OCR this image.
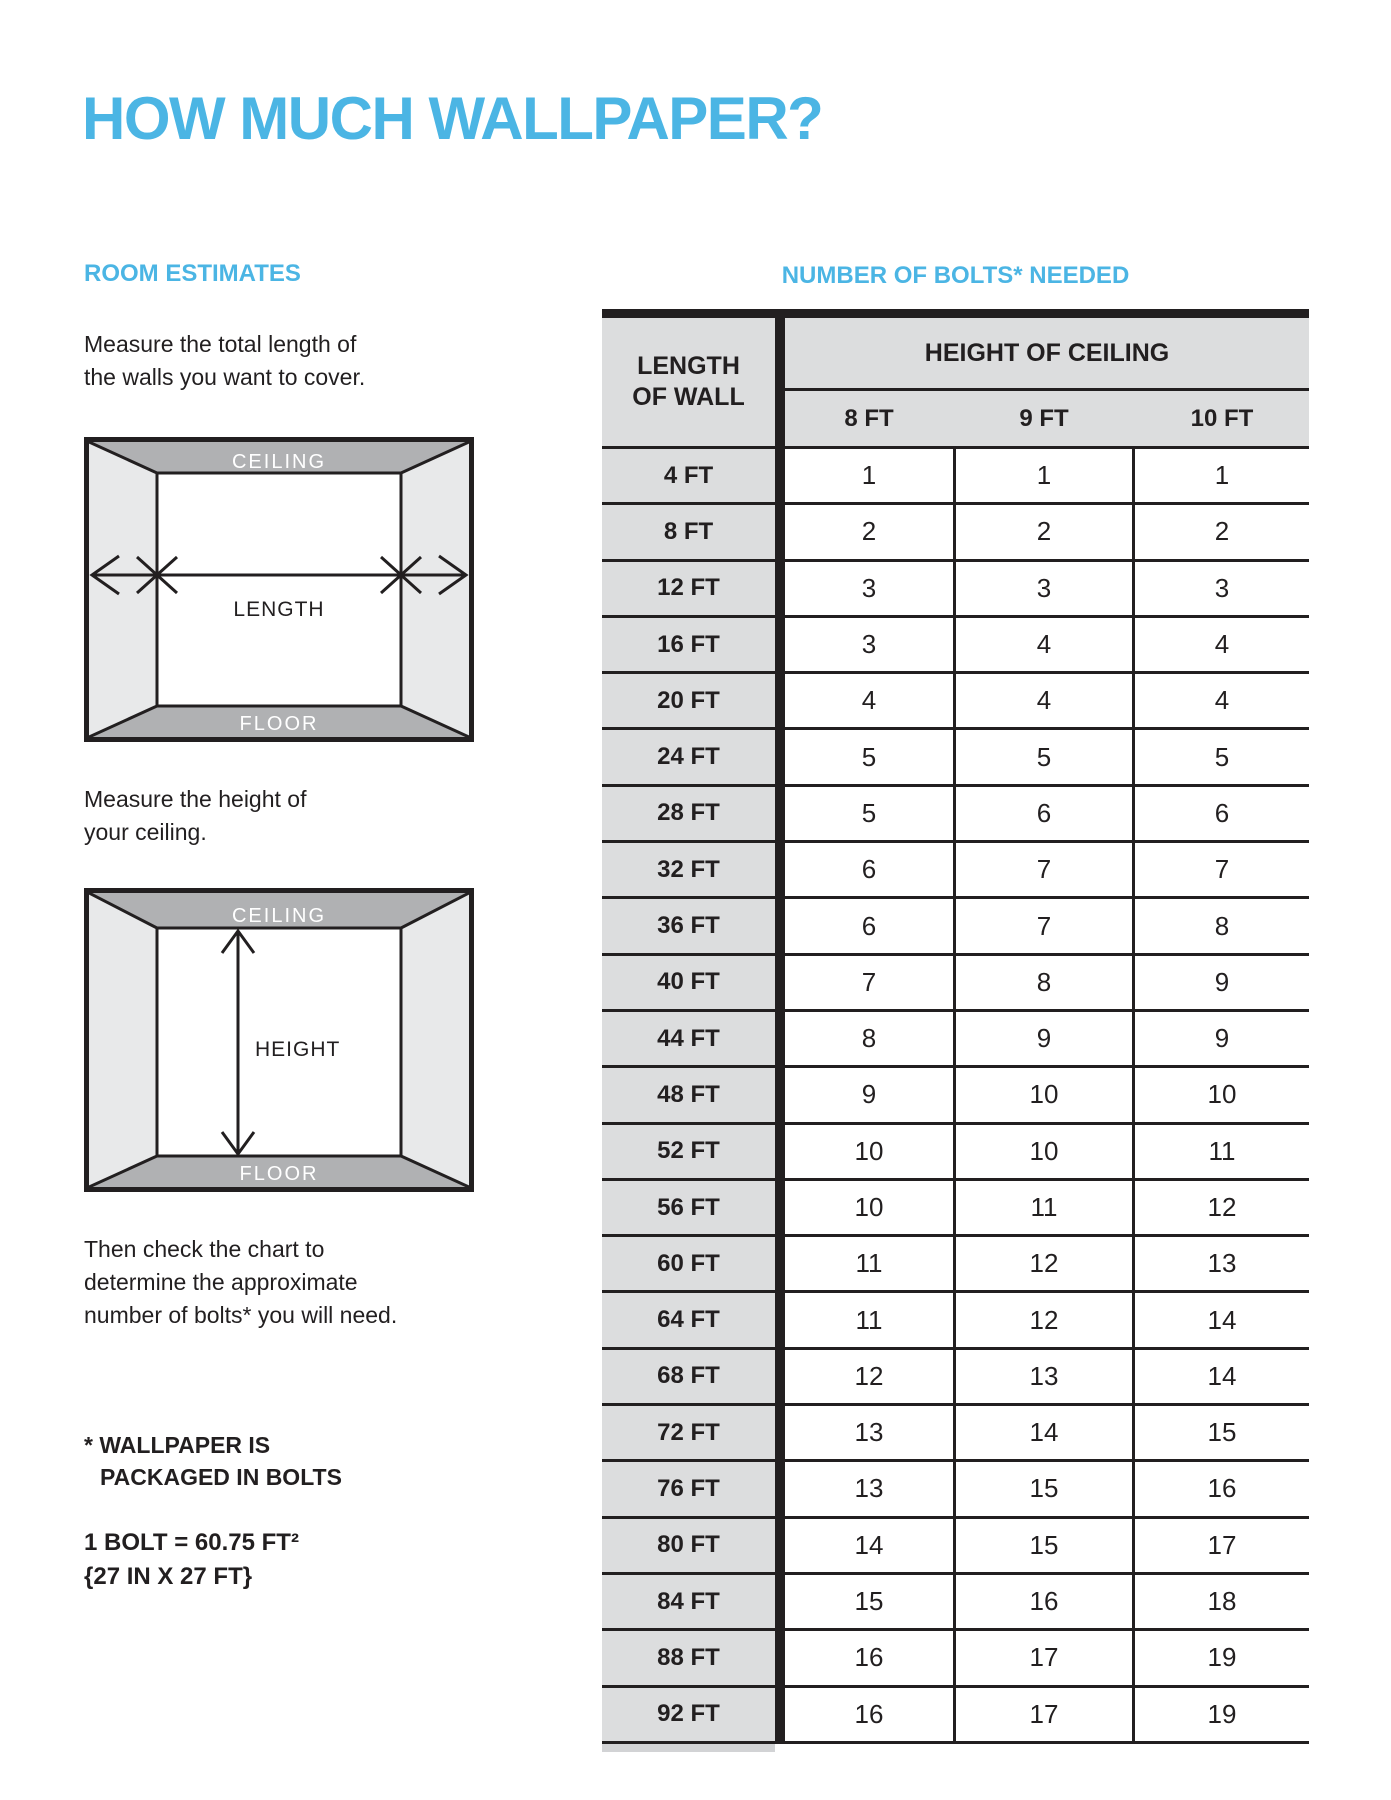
HOW MUCH WALLPAPER?
ROOM ESTIMATES
Measure the total length of
the walls you want to cover.
CEILING
FLOOR
LENGTH
Measure the height of
your ceiling.
HEIGHT
CEILING
FLOOR
Then check the chart to
determine the approximate
number of bolts* you will need.
* WALLPAPER IS
PACKAGED IN BOLTS
1 BOLT = 60.75 FT²
{27 IN X 27 FT}
NUMBER OF BOLTS* NEEDED
LENGTH
OF WALL
HEIGHT OF CEILING
8 FT	9 FT	10 FT
4 FT	1	1	1
8 FT	2	2	2
12 FT	3	3	3
16 FT	3	4	4
20 FT	4	4	4
24 FT	5	5	5
28 FT	5	6	6
32 FT	6	7	7
36 FT	6	7	8
40 FT	7	8	9
44 FT	8	9	9
48 FT	9	10	10
52 FT	10	10	11
56 FT	10	11	12
60 FT	11	12	13
64 FT	11	12	14
68 FT	12	13	14
72 FT	13	14	15
76 FT	13	15	16
80 FT	14	15	17
84 FT	15	16	18
88 FT	16	17	19
92 FT	16	17	19
